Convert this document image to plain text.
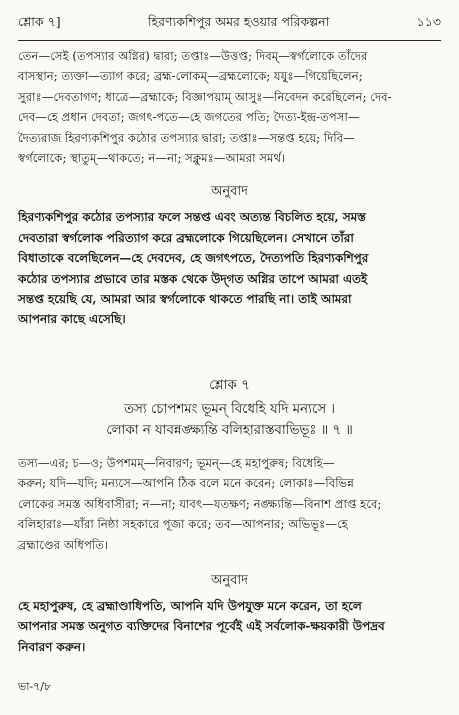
শ্লোক ৭]	হিরণ্যকশিপুর অমর হওয়ার পরিকল্পনা	১১৩

তেন—সেই (তপস্যার অগ্নির) দ্বারা; তপ্তাঃ—উত্তপ্ত; দিবম্—স্বর্গলোকে তাঁদের

বাসস্থান; ত্যক্তা—ত্যাগ করে; ব্রহ্ম-লোকম্—ব্রহ্মলোকে; যযুঃ—গিয়েছিলেন;

সুরাঃ—দেবতাগণ; ধাত্রে—ব্রহ্মাকে; বিজ্ঞাপয়াম্ আসুঃ—নিবেদন করেছিলেন; দেব-

দেব—হে প্রধান দেবতা; জগৎ-পতে—হে জগতের পতি; দৈত্য-ইন্দ্র-তপসা—

দৈত্যরাজ হিরণ্যকশিপুর কঠোর তপস্যার দ্বারা; তপ্তাঃ—সন্তপ্ত হয়ে; দিবি—

স্বর্গলোকে; স্থাতুম্—থাকতে; ন—না; সক্নুমঃ—আমরা সমর্থ।

অনুবাদ

হিরণ্যকশিপুর কঠোর তপস্যার ফলে সন্তপ্ত এবং অত্যন্ত বিচলিত হয়ে, সমস্ত

দেবতারা স্বর্গলোক পরিত্যাগ করে ব্রহ্মলোকে গিয়েছিলেন। সেখানে তাঁরা

বিধাতাকে বলেছিলেন—হে দেবদেব, হে জগৎপতে, দৈত্যপতি হিরণ্যকশিপুর

কঠোর তপস্যার প্রভাবে তার মস্তক থেকে উদ্‌গত অগ্নির তাপে আমরা এতই

সন্তপ্ত হয়েছি যে, আমরা আর স্বর্গলোকে থাকতে পারছি না। তাই আমরা

আপনার কাছে এসেছি।

শ্লোক ৭

তস্য চোপশমং ভূমন্ বিধেহি যদি মন্যসে ।

লোকা ন যাবন্নঙ্ক্ষ্যন্তি বলিহারাস্তবাভিভূঃ ॥ ৭ ॥

তস্য—এর; চ—ও; উপশমম্—নিবারণ; ভূমন্—হে মহাপুরুষ; বিধেহি—

করুন; যদি—যদি; মন্যসে—আপনি ঠিক বলে মনে করেন; লোকাঃ—বিভিন্ন

লোকের সমস্ত অধিবাসীরা; ন—না; যাবৎ—যতক্ষণ; নঙ্ক্ষ্যন্তি—বিনাশ প্রাপ্ত হবে;

বলিহারাঃ—যাঁরা নিষ্ঠা সহকারে পূজা করে; তব—আপনার; অভিভূঃ—হে

ব্রহ্মাণ্ডের অধিপতি।

অনুবাদ

হে মহাপুরুষ, হে ব্রহ্মাণ্ডাধিপতি, আপনি যদি উপযুক্ত মনে করেন, তা হলে

আপনার সমস্ত অনুগত ব্যক্তিদের বিনাশের পূর্বেই এই সর্বলোক-ক্ষয়কারী উপদ্রব

নিবারণ করুন।

ভা-৭/৮
